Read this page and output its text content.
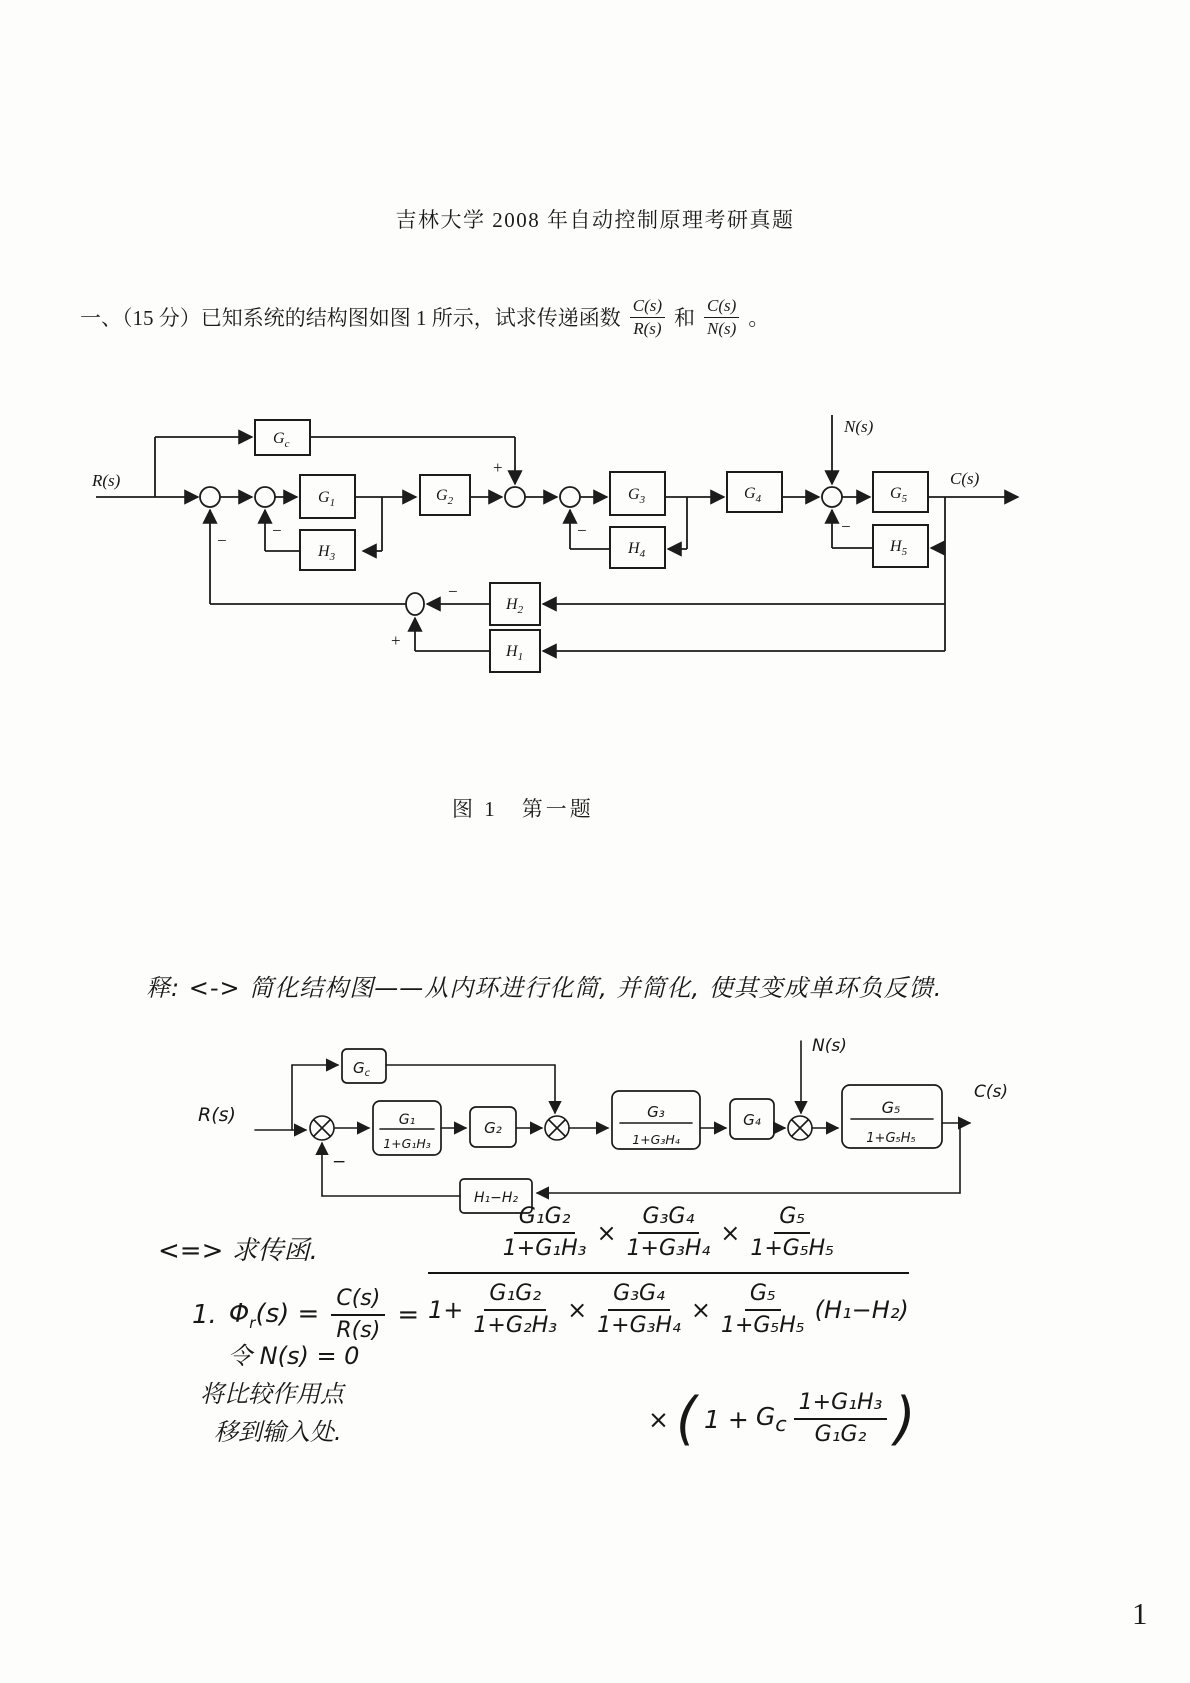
吉林大学 2008 年自动控制原理考研真题
一、（15 分）已知系统的结构图如图 1 所示，试求传递函数 $\frac{C(s)}{R(s)}$ 和 $\frac{C(s)}{N(s)}$ 。
$G_c$
$G_1$
$H_3$
$G_2$	$G_3$
$H_4$
$G_4$	$G_5$
$H_5$
$H_2$
$H_1$
R(s)
N(s)
C(s)
+
−
−	−	−
−
+
图 1　第一题
释: <-> 简化结构图——从内环进行化简, 并简化, 使其变成单环负反馈.
R(s)
N(s)
C(s)
−
$G_c$
G₁
1+G₁H₃
G₂
G₃
1+G₃H₄
G₄
G₅
1+G₅H₅
H₁−H₂
<=> 求传函.
1. $\Phi_r(s) = \frac{C(s)}{R(s)}$ =
$\frac{\text{G₁G₂}}{\text{1+G₁H₃}} \times \frac{\text{G₃G₄}}{\text{1+G₃H₄}} \times \frac{\text{G₅}}{\text{1+G₅H₅}}$
$1+ \frac{\text{G₁G₂}}{\text{1+G₂H₃}} \times \frac{\text{G₃G₄}}{\text{1+G₃H₄}} \times \frac{\text{G₅}}{\text{1+G₅H₅}} (H_1-H_2)$
× ( $1 + G_c \frac{\text{1+G₁H₃}}{\text{G₁G₂}}$ )
令 N(s) = 0
将比较作用点
移到输入处.
1
